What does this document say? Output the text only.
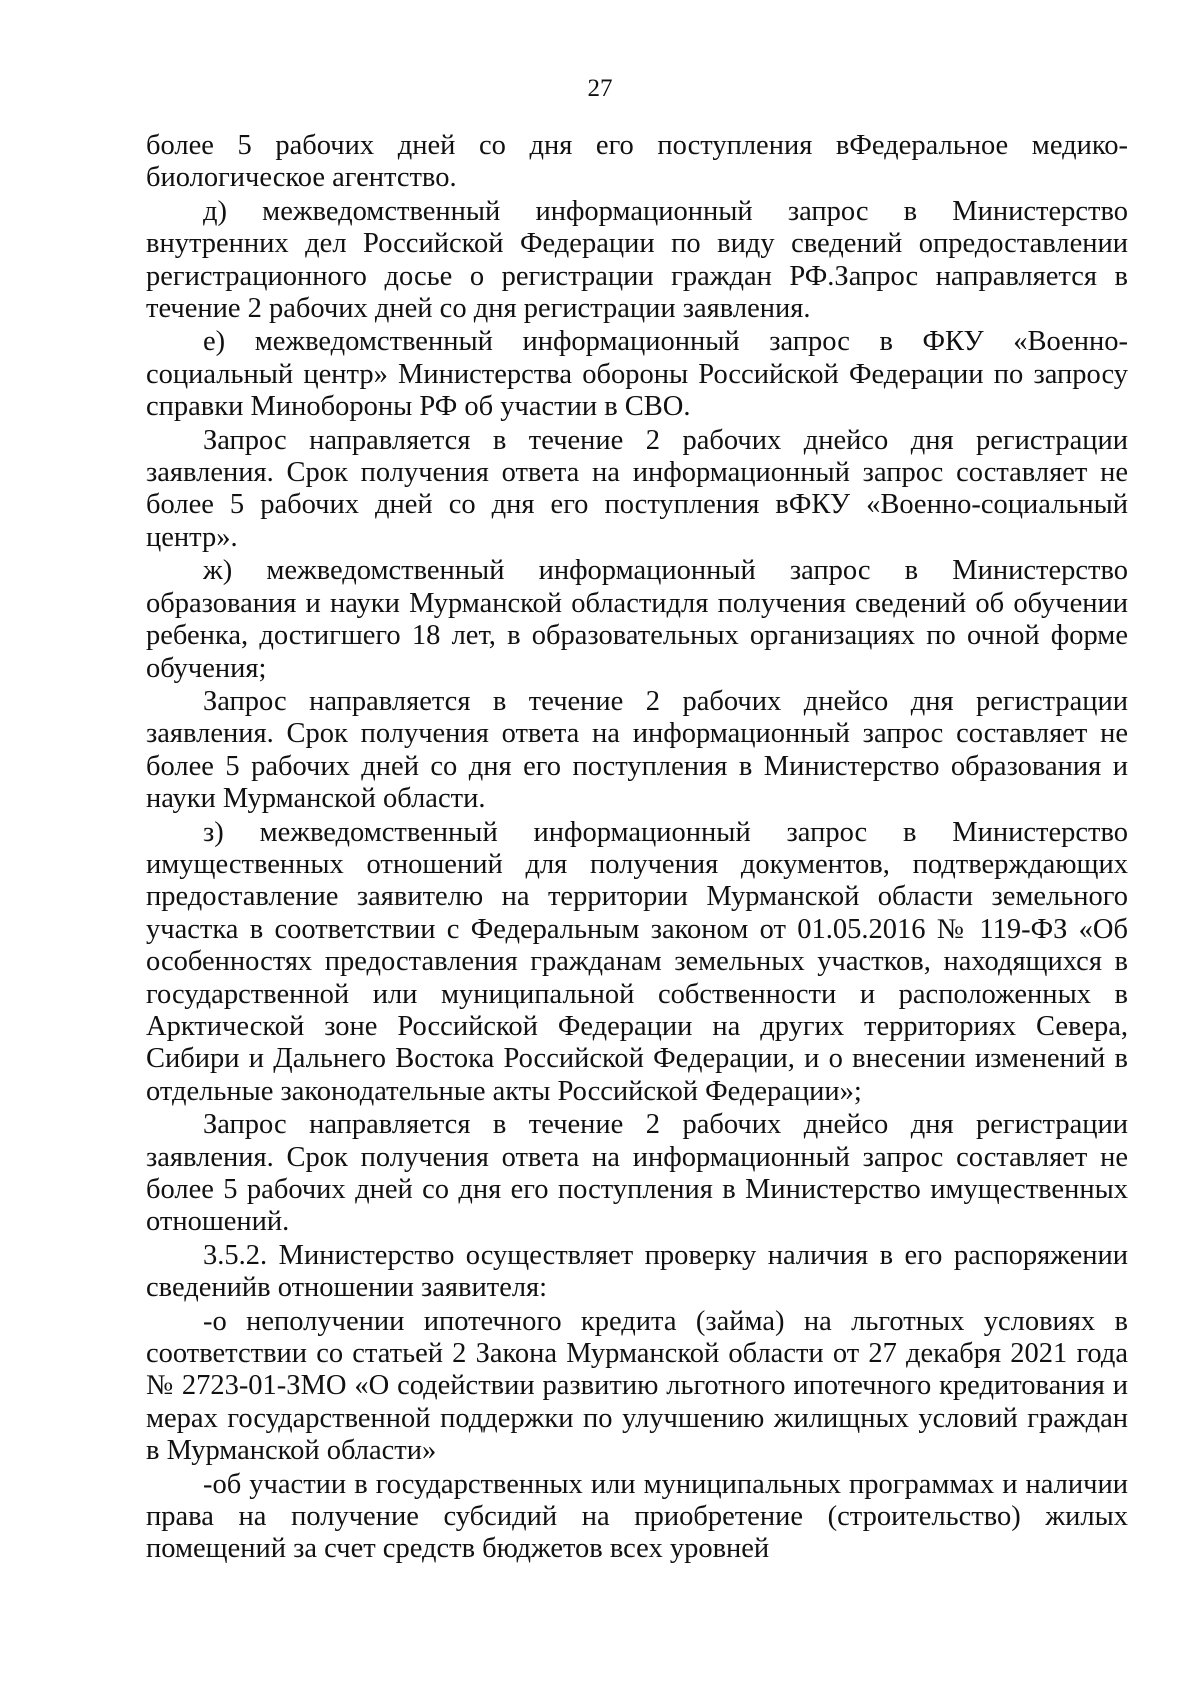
27

более 5 рабочих дней со дня его поступления вФедеральное медико-биологическое агентство.

д) межведомственный информационный запрос в Министерство внутренних дел Российской Федерации по виду сведений опредоставлении регистрационного досье о регистрации граждан РФ.Запрос направляется в течение 2 рабочих дней со дня регистрации заявления.

е) межведомственный информационный запрос в ФКУ «Военно-социальный центр» Министерства обороны Российской Федерации по запросу справки Минобороны РФ об участии в СВО.

Запрос направляется в течение 2 рабочих днейсо дня регистрации заявления. Срок получения ответа на информационный запрос составляет не более 5 рабочих дней со дня его поступления вФКУ «Военно-социальный центр».

ж) межведомственный информационный запрос в Министерство образования и науки Мурманской областидля получения сведений об обучении ребенка, достигшего 18 лет, в образовательных организациях по очной форме обучения;

Запрос направляется в течение 2 рабочих днейсо дня регистрации заявления. Срок получения ответа на информационный запрос составляет не более 5 рабочих дней со дня его поступления в Министерство образования и науки Мурманской области.

з) межведомственный информационный запрос в Министерство имущественных отношений для получения документов, подтверждающих предоставление заявителю на территории Мурманской области земельного участка в соответствии с Федеральным законом от 01.05.2016 № 119-ФЗ «Об особенностях предоставления гражданам земельных участков, находящихся в государственной или муниципальной собственности и расположенных в Арктической зоне Российской Федерации на других территориях Севера, Сибири и Дальнего Востока Российской Федерации, и о внесении изменений в отдельные законодательные акты Российской Федерации»;

Запрос направляется в течение 2 рабочих днейсо дня регистрации заявления. Срок получения ответа на информационный запрос составляет не более 5 рабочих дней со дня его поступления в Министерство имущественных отношений.

3.5.2. Министерство осуществляет проверку наличия в его распоряжении сведенийв отношении заявителя:

-о неполучении ипотечного кредита (займа) на льготных условиях в соответствии со статьей 2 Закона Мурманской области от 27 декабря 2021 года № 2723-01-ЗМО «О содействии развитию льготного ипотечного кредитования и мерах государственной поддержки по улучшению жилищных условий граждан в Мурманской области»

-об участии в государственных или муниципальных программах и наличии права на получение субсидий на приобретение (строительство) жилых помещений за счет средств бюджетов всех уровней
